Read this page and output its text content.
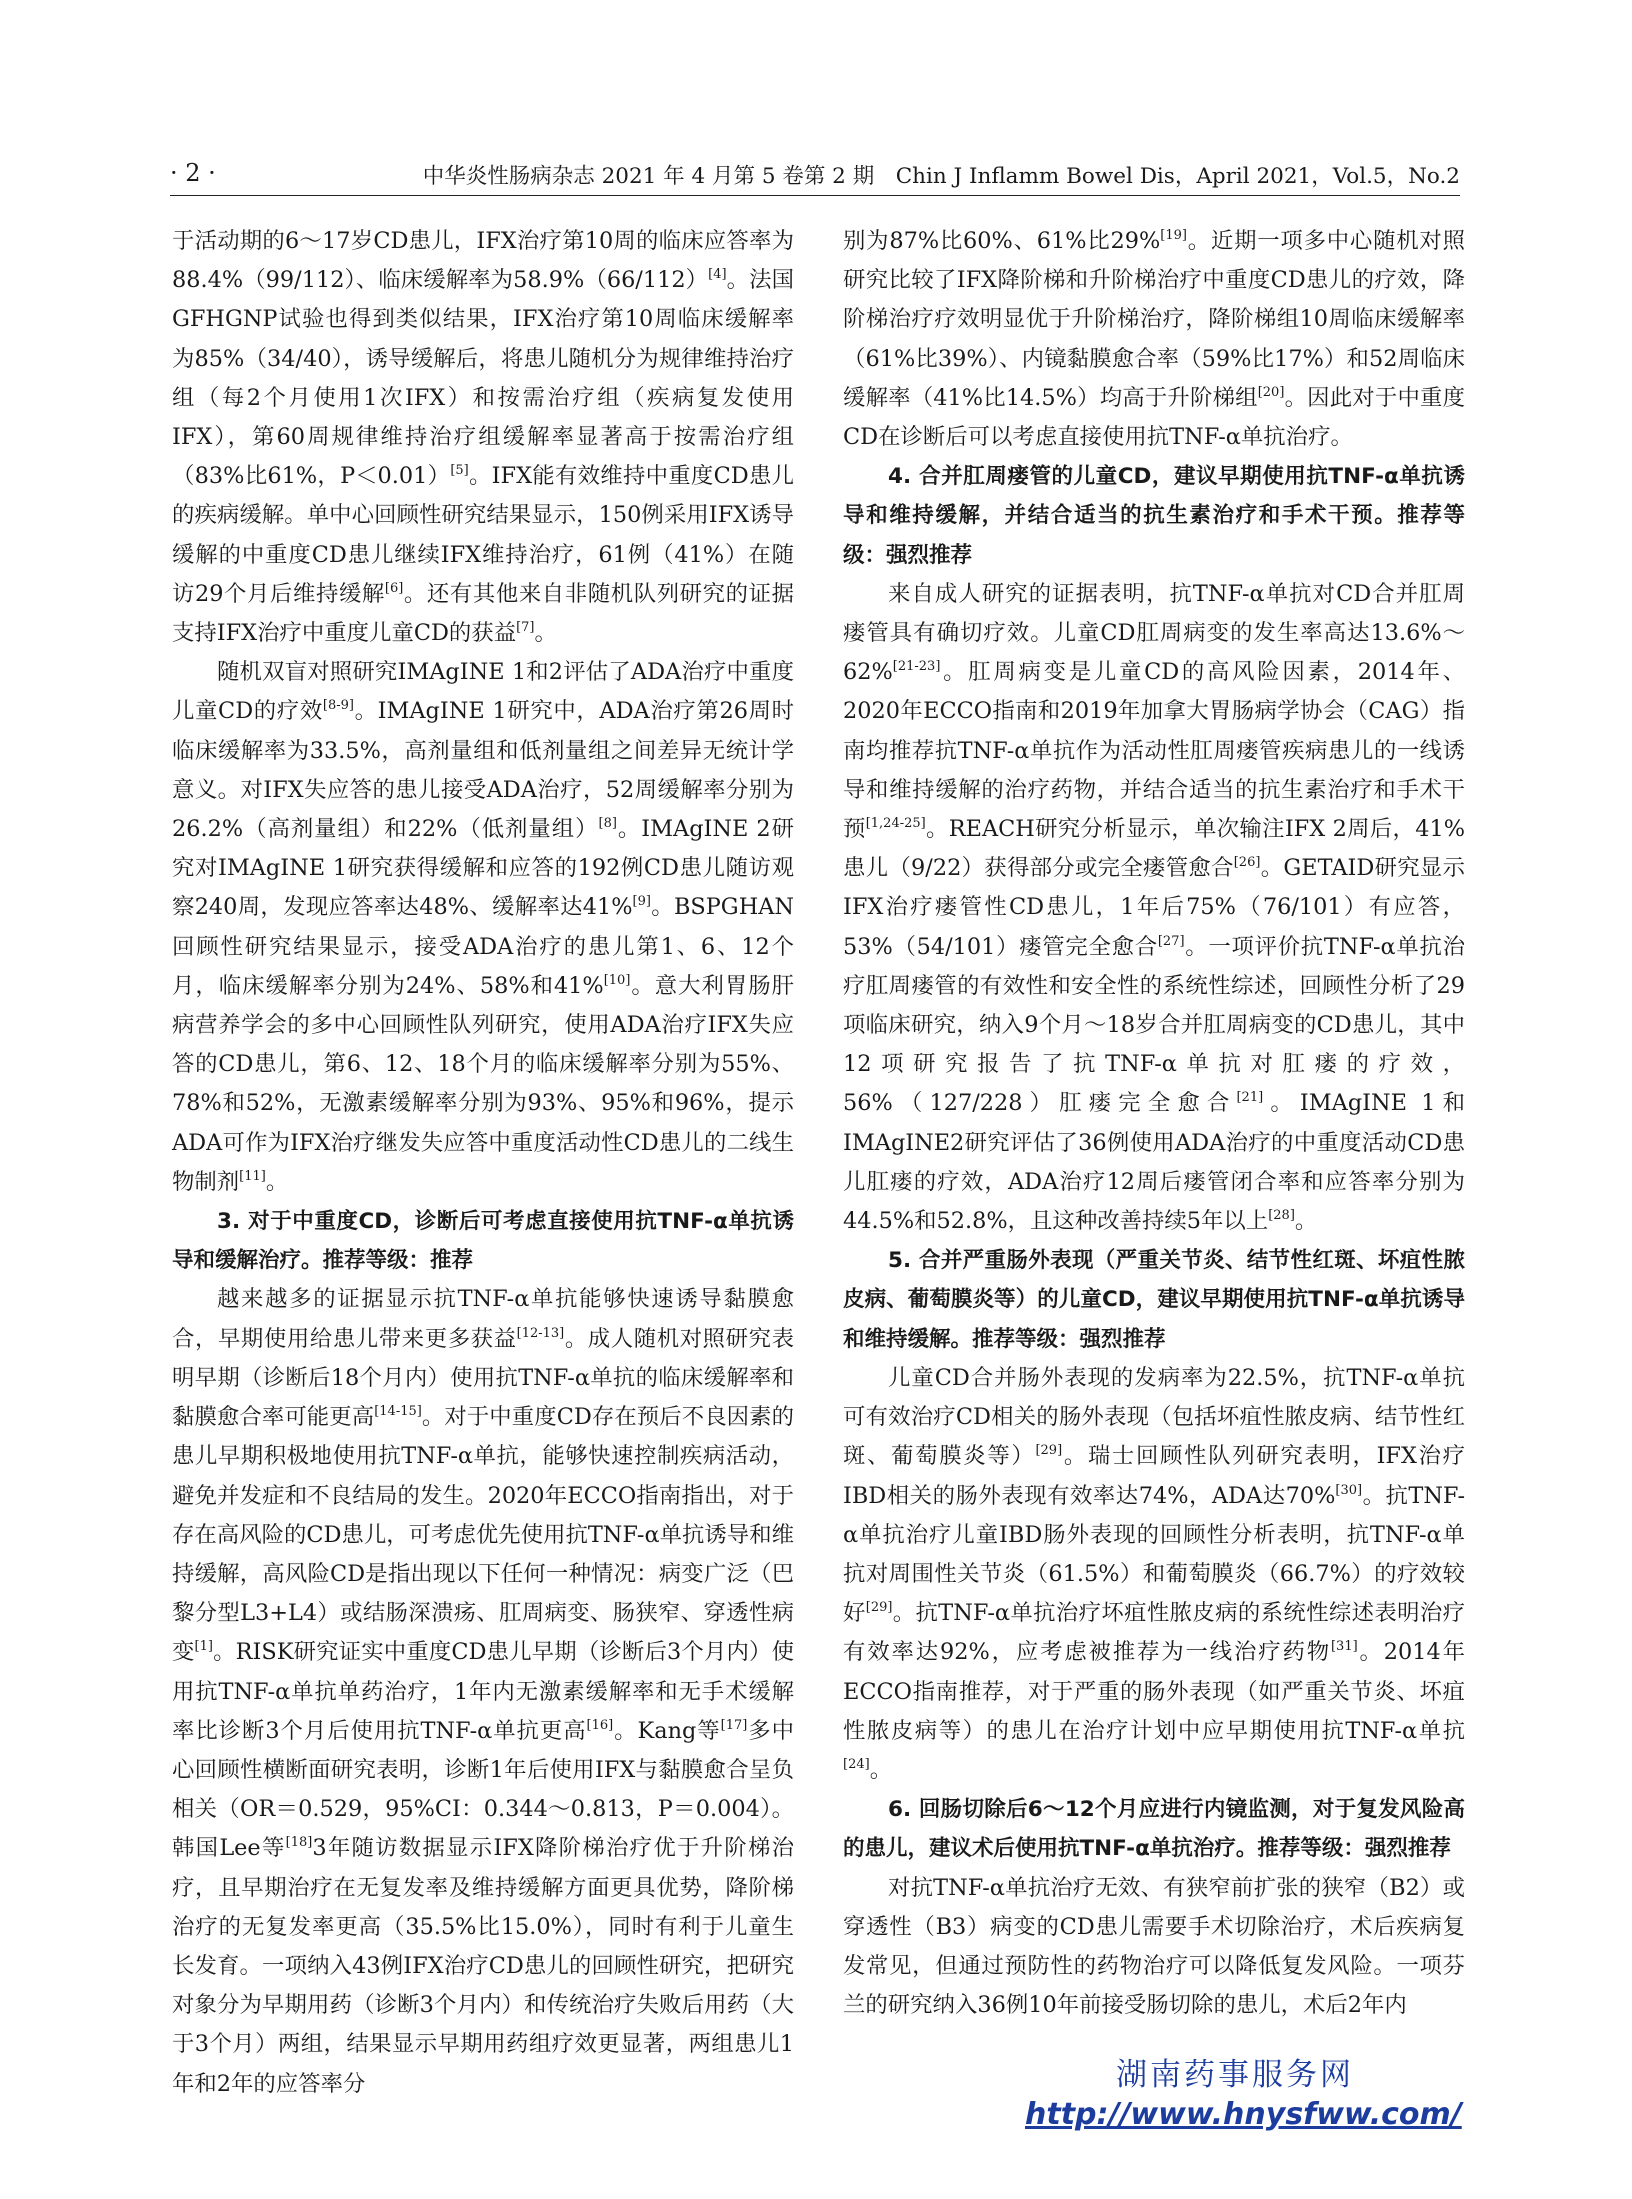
· 2 ·	中华炎性肠病杂志 2021 年 4 月第 5 卷第 2 期　Chin J Inflamm Bowel Dis，April 2021，Vol.5，No.2

于活动期的6～17岁CD患儿，IFX治疗第10周的临床应答率为88.4%（99/112）、临床缓解率为58.9%（66/112）[4]。法国GFHGNP试验也得到类似结果，IFX治疗第10周临床缓解率为85%（34/40），诱导缓解后，将患儿随机分为规律维持治疗组（每2个月使用1次IFX）和按需治疗组（疾病复发使用IFX），第60周规律维持治疗组缓解率显著高于按需治疗组（83%比61%，P＜0.01）[5]。IFX能有效维持中重度CD患儿的疾病缓解。单中心回顾性研究结果显示，150例采用IFX诱导缓解的中重度CD患儿继续IFX维持治疗，61例（41%）在随访29个月后维持缓解[6]。还有其他来自非随机队列研究的证据支持IFX治疗中重度儿童CD的获益[7]。

随机双盲对照研究IMAgINE 1和2评估了ADA治疗中重度儿童CD的疗效[8-9]。IMAgINE 1研究中，ADA治疗第26周时临床缓解率为33.5%，高剂量组和低剂量组之间差异无统计学意义。对IFX失应答的患儿接受ADA治疗，52周缓解率分别为26.2%（高剂量组）和22%（低剂量组）[8]。IMAgINE 2研究对IMAgINE 1研究获得缓解和应答的192例CD患儿随访观察240周，发现应答率达48%、缓解率达41%[9]。BSPGHAN回顾性研究结果显示，接受ADA治疗的患儿第1、6、12个月，临床缓解率分别为24%、58%和41%[10]。意大利胃肠肝病营养学会的多中心回顾性队列研究，使用ADA治疗IFX失应答的CD患儿，第6、12、18个月的临床缓解率分别为55%、78%和52%，无激素缓解率分别为93%、95%和96%，提示ADA可作为IFX治疗继发失应答中重度活动性CD患儿的二线生物制剂[11]。

3. 对于中重度CD，诊断后可考虑直接使用抗TNF-α单抗诱导和缓解治疗。推荐等级：推荐

越来越多的证据显示抗TNF-α单抗能够快速诱导黏膜愈合，早期使用给患儿带来更多获益[12-13]。成人随机对照研究表明早期（诊断后18个月内）使用抗TNF-α单抗的临床缓解率和黏膜愈合率可能更高[14-15]。对于中重度CD存在预后不良因素的患儿早期积极地使用抗TNF-α单抗，能够快速控制疾病活动，避免并发症和不良结局的发生。2020年ECCO指南指出，对于存在高风险的CD患儿，可考虑优先使用抗TNF-α单抗诱导和维持缓解，高风险CD是指出现以下任何一种情况：病变广泛（巴黎分型L3+L4）或结肠深溃疡、肛周病变、肠狭窄、穿透性病变[1]。RISK研究证实中重度CD患儿早期（诊断后3个月内）使用抗TNF-α单抗单药治疗，1年内无激素缓解率和无手术缓解率比诊断3个月后使用抗TNF-α单抗更高[16]。Kang等[17]多中心回顾性横断面研究表明，诊断1年后使用IFX与黏膜愈合呈负相关（OR＝0.529，95%CI：0.344～0.813，P＝0.004）。韩国Lee等[18]3年随访数据显示IFX降阶梯治疗优于升阶梯治疗，且早期治疗在无复发率及维持缓解方面更具优势，降阶梯治疗的无复发率更高（35.5%比15.0%），同时有利于儿童生长发育。一项纳入43例IFX治疗CD患儿的回顾性研究，把研究对象分为早期用药（诊断3个月内）和传统治疗失败后用药（大于3个月）两组，结果显示早期用药组疗效更显著，两组患儿1年和2年的应答率分

别为87%比60%、61%比29%[19]。近期一项多中心随机对照研究比较了IFX降阶梯和升阶梯治疗中重度CD患儿的疗效，降阶梯治疗疗效明显优于升阶梯治疗，降阶梯组10周临床缓解率（61%比39%）、内镜黏膜愈合率（59%比17%）和52周临床缓解率（41%比14.5%）均高于升阶梯组[20]。因此对于中重度CD在诊断后可以考虑直接使用抗TNF-α单抗治疗。

4. 合并肛周瘘管的儿童CD，建议早期使用抗TNF-α单抗诱导和维持缓解，并结合适当的抗生素治疗和手术干预。推荐等级：强烈推荐

来自成人研究的证据表明，抗TNF-α单抗对CD合并肛周瘘管具有确切疗效。儿童CD肛周病变的发生率高达13.6%～62%[21-23]。肛周病变是儿童CD的高风险因素，2014年、2020年ECCO指南和2019年加拿大胃肠病学协会（CAG）指南均推荐抗TNF-α单抗作为活动性肛周瘘管疾病患儿的一线诱导和维持缓解的治疗药物，并结合适当的抗生素治疗和手术干预[1,24-25]。REACH研究分析显示，单次输注IFX 2周后，41%患儿（9/22）获得部分或完全瘘管愈合[26]。GETAID研究显示IFX治疗瘘管性CD患儿，1年后75%（76/101）有应答，53%（54/101）瘘管完全愈合[27]。一项评价抗TNF-α单抗治疗肛周瘘管的有效性和安全性的系统性综述，回顾性分析了29项临床研究，纳入9个月～18岁合并肛周病变的CD患儿，其中12项研究报告了抗TNF-α单抗对肛瘘的疗效，56%（127/228）肛瘘完全愈合[21]。IMAgINE 1和IMAgINE2研究评估了36例使用ADA治疗的中重度活动CD患儿肛瘘的疗效，ADA治疗12周后瘘管闭合率和应答率分别为44.5%和52.8%，且这种改善持续5年以上[28]。

5. 合并严重肠外表现（严重关节炎、结节性红斑、坏疽性脓皮病、葡萄膜炎等）的儿童CD，建议早期使用抗TNF-α单抗诱导和维持缓解。推荐等级：强烈推荐

儿童CD合并肠外表现的发病率为22.5%，抗TNF-α单抗可有效治疗CD相关的肠外表现（包括坏疽性脓皮病、结节性红斑、葡萄膜炎等）[29]。瑞士回顾性队列研究表明，IFX治疗IBD相关的肠外表现有效率达74%，ADA达70%[30]。抗TNF-α单抗治疗儿童IBD肠外表现的回顾性分析表明，抗TNF-α单抗对周围性关节炎（61.5%）和葡萄膜炎（66.7%）的疗效较好[29]。抗TNF-α单抗治疗坏疽性脓皮病的系统性综述表明治疗有效率达92%，应考虑被推荐为一线治疗药物[31]。2014年ECCO指南推荐，对于严重的肠外表现（如严重关节炎、坏疽性脓皮病等）的患儿在治疗计划中应早期使用抗TNF-α单抗[24]。

6. 回肠切除后6～12个月应进行内镜监测，对于复发风险高的患儿，建议术后使用抗TNF-α单抗治疗。推荐等级：强烈推荐

对抗TNF-α单抗治疗无效、有狭窄前扩张的狭窄（B2）或穿透性（B3）病变的CD患儿需要手术切除治疗，术后疾病复发常见，但通过预防性的药物治疗可以降低复发风险。一项芬兰的研究纳入36例10年前接受肠切除的患儿，术后2年内

湖南药事服务网
http://www.hnysfww.com/
